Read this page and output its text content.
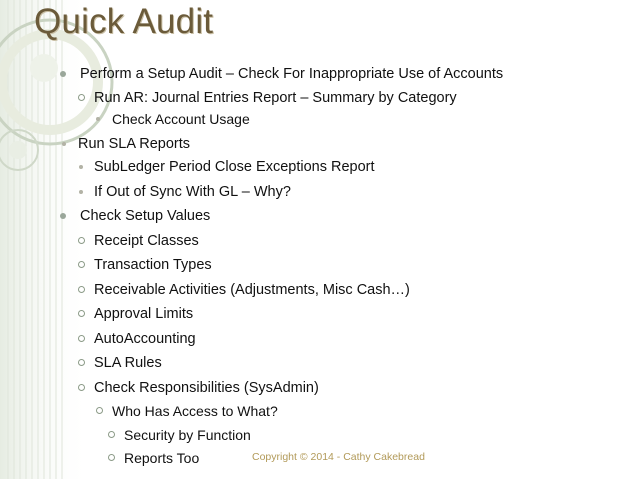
Quick Audit
Perform a Setup Audit – Check For Inappropriate Use of Accounts
Run AR: Journal Entries Report – Summary by Category
Check Account Usage
Run SLA Reports
SubLedger Period Close Exceptions Report
If Out of Sync With GL – Why?
Check Setup Values
Receipt Classes
Transaction Types
Receivable Activities (Adjustments, Misc Cash…)
Approval Limits
AutoAccounting
SLA Rules
Check Responsibilities (SysAdmin)
Who Has Access to What?
Security by Function
Reports Too	Copyright © 2014 - Cathy Cakebread
